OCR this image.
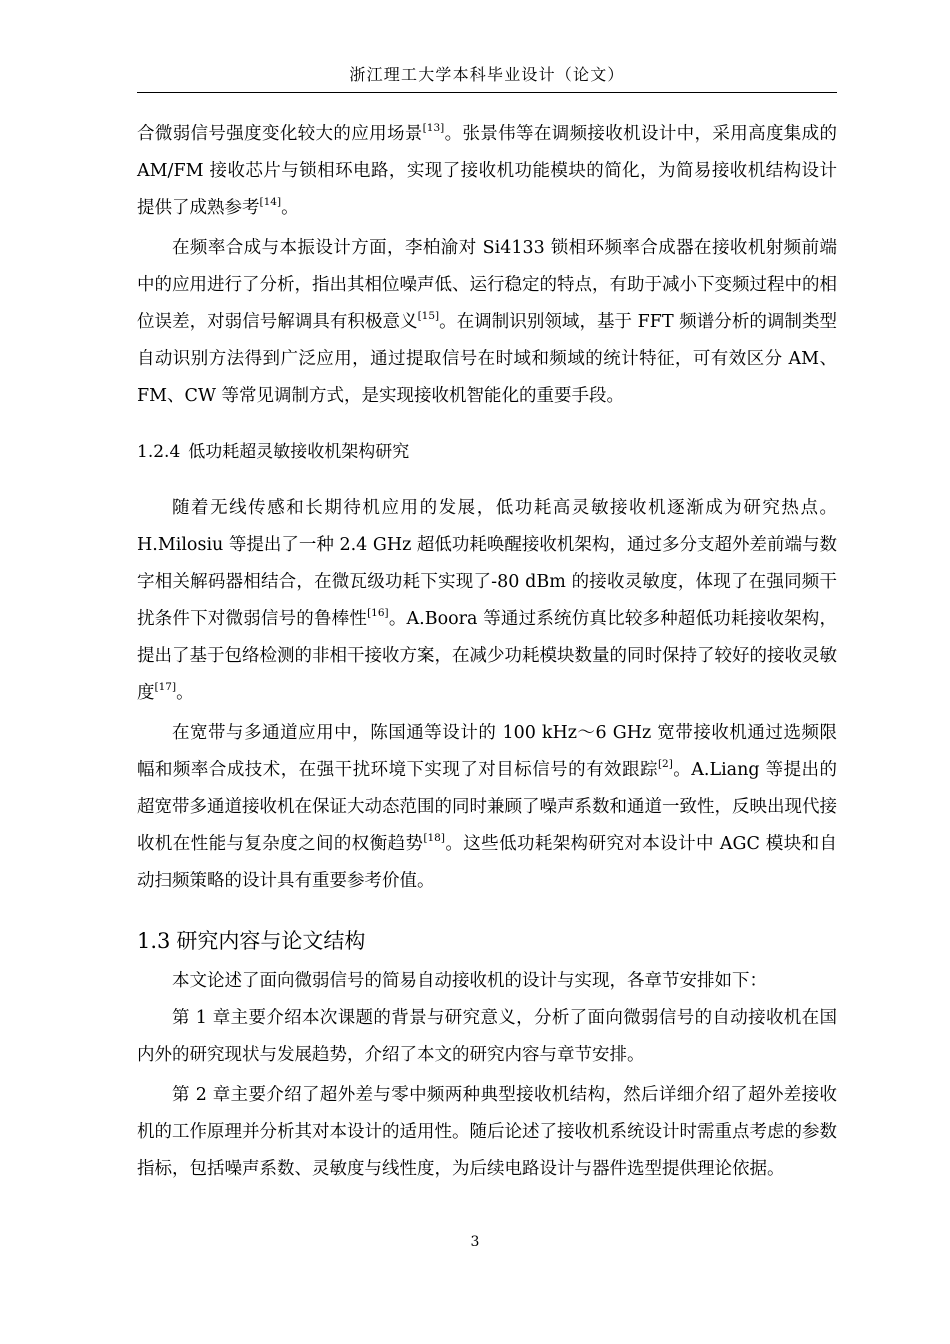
浙江理工大学本科毕业设计（论文）

合微弱信号强度变化较大的应用场景[13]。张景伟等在调频接收机设计中，采用高度集成的 AM/FM 接收芯片与锁相环电路，实现了接收机功能模块的简化，为简易接收机结构设计提供了成熟参考[14]。

在频率合成与本振设计方面，李柏渝对 Si4133 锁相环频率合成器在接收机射频前端中的应用进行了分析，指出其相位噪声低、运行稳定的特点，有助于减小下变频过程中的相位误差，对弱信号解调具有积极意义[15]。在调制识别领域，基于 FFT 频谱分析的调制类型自动识别方法得到广泛应用，通过提取信号在时域和频域的统计特征，可有效区分 AM、FM、CW 等常见调制方式，是实现接收机智能化的重要手段。

1.2.4 低功耗超灵敏接收机架构研究

随着无线传感和长期待机应用的发展，低功耗高灵敏接收机逐渐成为研究热点。H.Milosiu 等提出了一种 2.4 GHz 超低功耗唤醒接收机架构，通过多分支超外差前端与数字相关解码器相结合，在微瓦级功耗下实现了-80 dBm 的接收灵敏度，体现了在强同频干扰条件下对微弱信号的鲁棒性[16]。A.Boora 等通过系统仿真比较多种超低功耗接收架构，提出了基于包络检测的非相干接收方案，在减少功耗模块数量的同时保持了较好的接收灵敏度[17]。

在宽带与多通道应用中，陈国通等设计的 100 kHz～6 GHz 宽带接收机通过选频限幅和频率合成技术，在强干扰环境下实现了对目标信号的有效跟踪[2]。A.Liang 等提出的超宽带多通道接收机在保证大动态范围的同时兼顾了噪声系数和通道一致性，反映出现代接收机在性能与复杂度之间的权衡趋势[18]。这些低功耗架构研究对本设计中 AGC 模块和自动扫频策略的设计具有重要参考价值。

1.3 研究内容与论文结构

本文论述了面向微弱信号的简易自动接收机的设计与实现，各章节安排如下：

第 1 章主要介绍本次课题的背景与研究意义，分析了面向微弱信号的自动接收机在国内外的研究现状与发展趋势，介绍了本文的研究内容与章节安排。

第 2 章主要介绍了超外差与零中频两种典型接收机结构，然后详细介绍了超外差接收机的工作原理并分析其对本设计的适用性。随后论述了接收机系统设计时需重点考虑的参数指标，包括噪声系数、灵敏度与线性度，为后续电路设计与器件选型提供理论依据。

3
